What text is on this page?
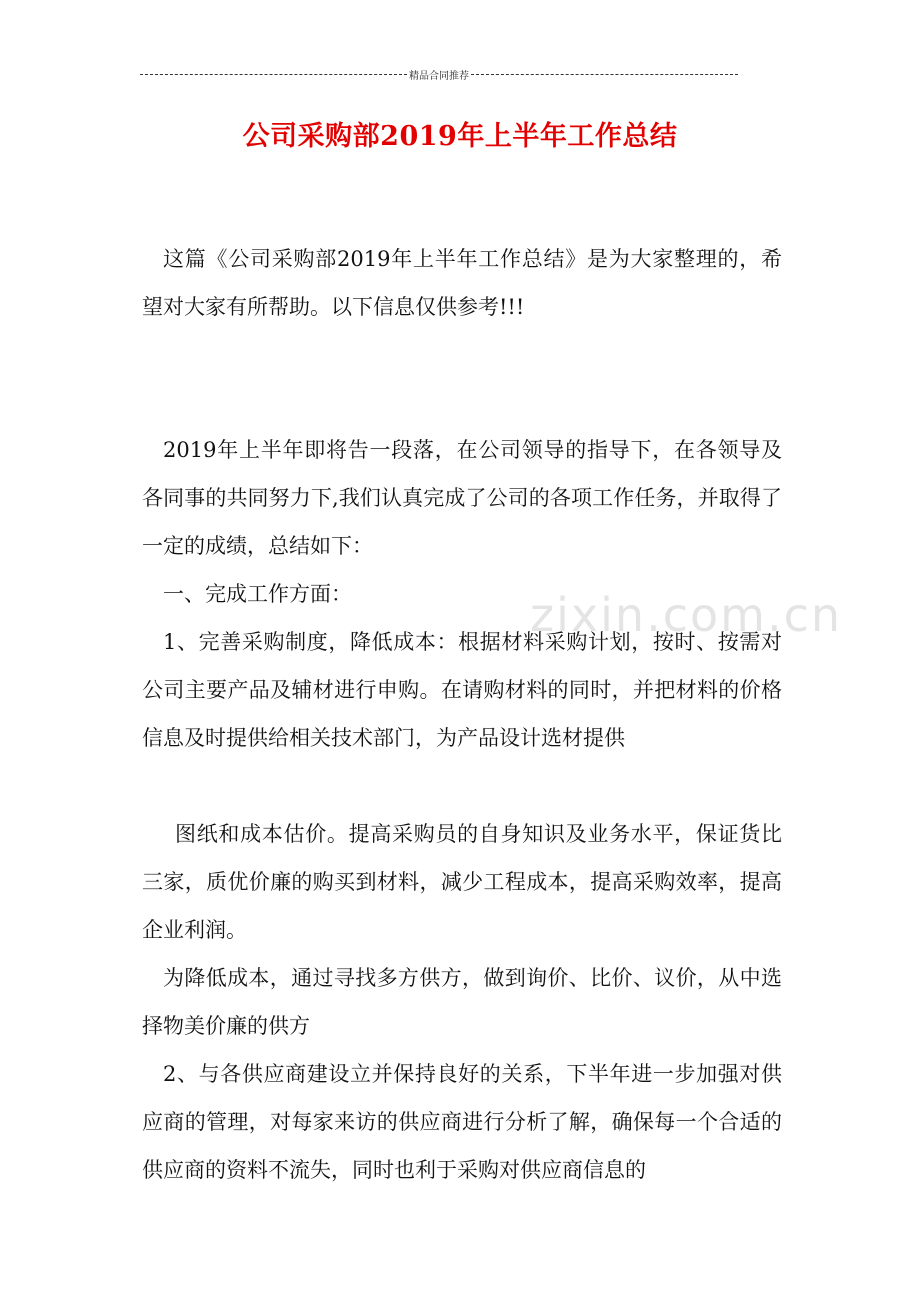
精品合同推荐
公司采购部2019年上半年工作总结

这篇《公司采购部2019年上半年工作总结》是为大家整理的，希望对大家有所帮助。以下信息仅供参考!!!

2019年上半年即将告一段落，在公司领导的指导下，在各领导及各同事的共同努力下,我们认真完成了公司的各项工作任务，并取得了一定的成绩，总结如下：

一、完成工作方面：

1、完善采购制度，降低成本：根据材料采购计划，按时、按需对公司主要产品及辅材进行申购。在请购材料的同时，并把材料的价格信息及时提供给相关技术部门，为产品设计选材提供

图纸和成本估价。提高采购员的自身知识及业务水平，保证货比三家，质优价廉的购买到材料，减少工程成本，提高采购效率，提高企业利润。

为降低成本，通过寻找多方供方，做到询价、比价、议价，从中选择物美价廉的供方

2、与各供应商建设立并保持良好的关系，下半年进一步加强对供应商的管理，对每家来访的供应商进行分析了解，确保每一个合适的供应商的资料不流失，同时也利于采购对供应商信息的

zixin.com.cn
